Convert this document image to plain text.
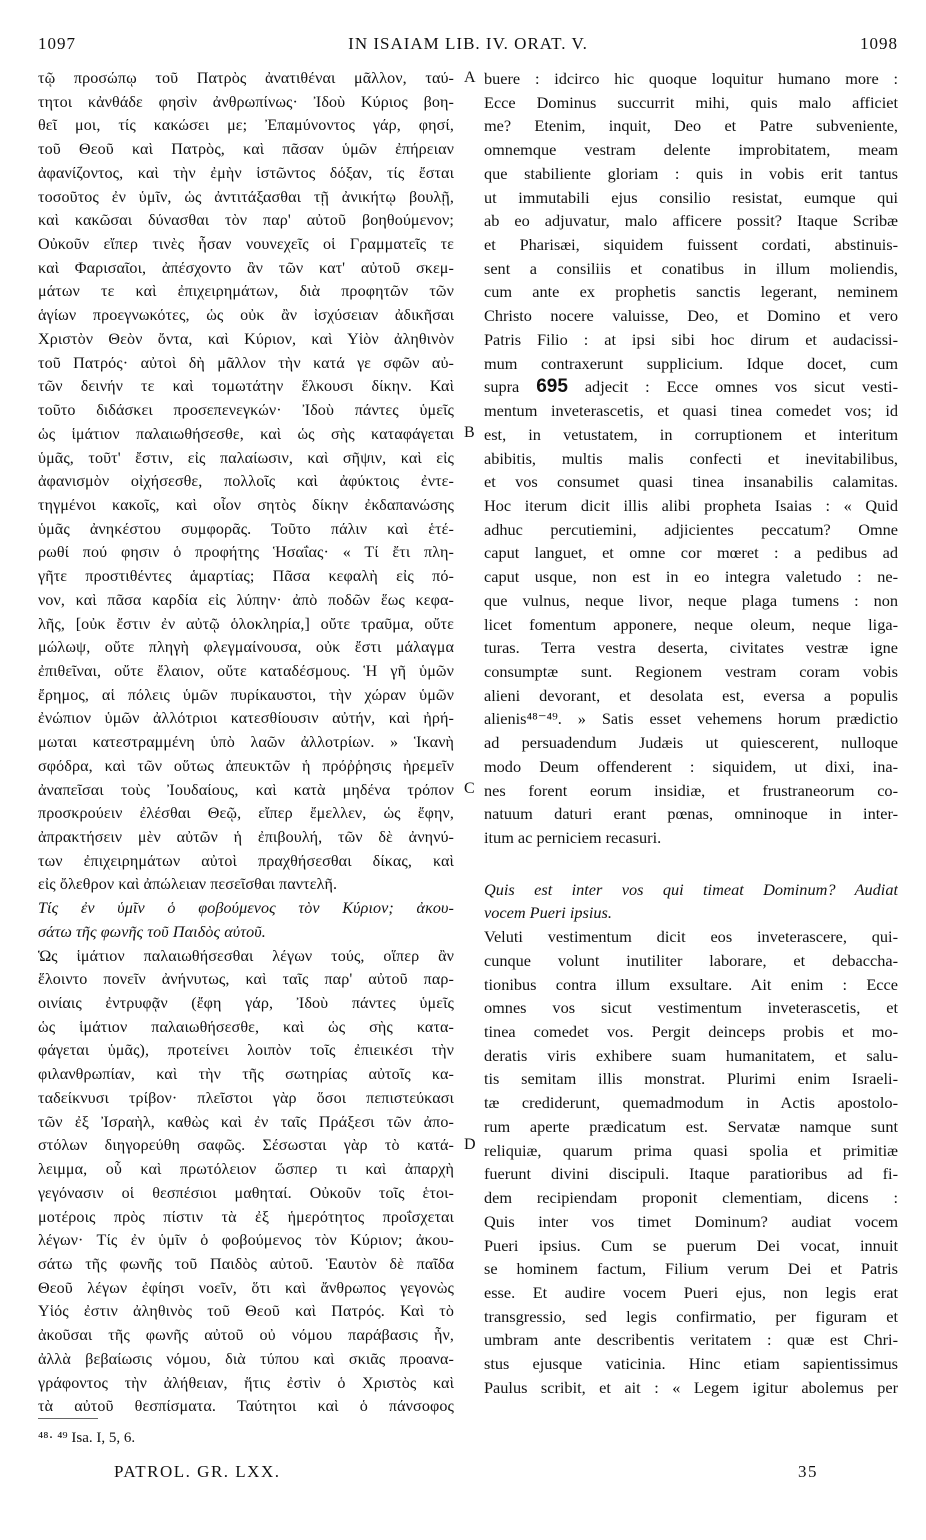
1097	IN ISAIAM LIB. IV. ORAT. V.	1098
τῷ προσώπῳ τοῦ Πατρὸς ἀνατιθέναι μᾶλλον, ταύ-
τητοι κἀνθάδε φησὶν ἀνθρωπίνως· Ἰδοὺ Κύριος βοη-
θεῖ μοι, τίς κακώσει με; Ἐπαμύνοντος γάρ, φησί,
τοῦ Θεοῦ καὶ Πατρὸς, καὶ πᾶσαν ὑμῶν ἐπήρειαν
ἀφανίζοντος, καὶ τὴν ἐμὴν ἱστῶντος δόξαν, τίς ἔσται
τοσοῦτος ἐν ὑμῖν, ὡς ἀντιτάξασθαι τῇ ἀνικήτῳ βουλῇ,
καὶ κακῶσαι δύνασθαι τὸν παρ' αὐτοῦ βοηθούμενον;
Οὐκοῦν εἴπερ τινὲς ἦσαν νουνεχεῖς οἱ Γραμματεῖς τε
καὶ Φαρισαῖοι, ἀπέσχοντο ἂν τῶν κατ' αὐτοῦ σκεμ-
μάτων τε καὶ ἐπιχειρημάτων, διὰ προφητῶν τῶν
ἁγίων προεγνωκότες, ὡς οὐκ ἂν ἰσχύσειαν ἀδικῆσαι
Χριστὸν Θεὸν ὄντα, καὶ Κύριον, καὶ Υἱὸν ἀληθινὸν
τοῦ Πατρός· αὐτοὶ δὴ μᾶλλον τὴν κατά γε σφῶν αὐ-
τῶν δεινήν τε καὶ τομωτάτην ἕλκουσι δίκην. Καὶ
τοῦτο διδάσκει προσεπενεγκών· Ἰδοὺ πάντες ὑμεῖς
ὡς ἱμάτιον παλαιωθήσεσθε, καὶ ὡς σὴς καταφάγεται
ὑμᾶς, τοῦτ' ἔστιν, εἰς παλαίωσιν, καὶ σῆψιν, καὶ εἰς
ἀφανισμὸν οἰχήσεσθε, πολλοῖς καὶ ἀφύκτοις ἐντε-
τηγμένοι κακοῖς, καὶ οἷον σητὸς δίκην ἐκδαπανώσης
ὑμᾶς ἀνηκέστου συμφορᾶς. Τοῦτο πάλιν καὶ ἑτέ-
ρωθί πού φησιν ὁ προφήτης Ἡσαΐας· « Τί ἔτι πλη-
γῆτε προστιθέντες ἁμαρτίας; Πᾶσα κεφαλὴ εἰς πό-
νον, καὶ πᾶσα καρδία εἰς λύπην· ἀπὸ ποδῶν ἕως κεφα-
λῆς, [οὐκ ἔστιν ἐν αὐτῷ ὁλοκληρία,] οὔτε τραῦμα, οὔτε
μώλωψ, οὔτε πληγὴ φλεγμαίνουσα, οὐκ ἔστι μάλαγμα
ἐπιθεῖναι, οὔτε ἔλαιον, οὔτε καταδέσμους. Ἡ γῆ ὑμῶν
ἔρημος, αἱ πόλεις ὑμῶν πυρίκαυστοι, τὴν χώραν ὑμῶν
ἐνώπιον ὑμῶν ἀλλότριοι κατεσθίουσιν αὐτήν, καὶ ἠρή-
μωται κατεστραμμένη ὑπὸ λαῶν ἀλλοτρίων. » Ἱκανὴ
σφόδρα, καὶ τῶν οὕτως ἀπευκτῶν ἡ πρόῤῥησις ἠρεμεῖν
ἀναπεῖσαι τοὺς Ἰουδαίους, καὶ κατὰ μηδένα τρόπον
προσκρούειν ἐλέσθαι Θεῷ, εἴπερ ἔμελλεν, ὡς ἔφην,
ἀπρακτήσειν μὲν αὐτῶν ἡ ἐπιβουλή, τῶν δὲ ἀνηνύ-
των ἐπιχειρημάτων αὐτοὶ πραχθήσεσθαι δίκας, καὶ
εἰς ὄλεθρον καὶ ἀπώλειαν πεσεῖσθαι παντελῆ.
Τίς ἐν ὑμῖν ὁ φοβούμενος τὸν Κύριον; ἀκου-
σάτω τῆς φωνῆς τοῦ Παιδὸς αὐτοῦ.
Ὡς ἱμάτιον παλαιωθήσεσθαι λέγων τούς, οἵπερ ἂν
ἕλοιντο πονεῖν ἀνήνυτως, καὶ ταῖς παρ' αὐτοῦ παρ-
οινίαις ἐντρυφᾷν (ἔφη γάρ, Ἰδοὺ πάντες ὑμεῖς
ὡς ἱμάτιον παλαιωθήσεσθε, καὶ ὡς σὴς κατα-
φάγεται ὑμᾶς), προτείνει λοιπὸν τοῖς ἐπιεικέσι τὴν
φιλανθρωπίαν, καὶ τὴν τῆς σωτηρίας αὐτοῖς κα-
ταδείκνυσι τρίβον· πλεῖστοι γὰρ ὅσοι πεπιστεύκασι
τῶν ἐξ Ἰσραὴλ, καθὼς καὶ ἐν ταῖς Πράξεσι τῶν ἀπο-
στόλων διηγορεύθη σαφῶς. Σέσωσται γὰρ τὸ κατά-
λειμμα, οὗ καὶ πρωτόλειον ὥσπερ τι καὶ ἀπαρχὴ
γεγόνασιν οἱ θεσπέσιοι μαθηταί. Οὐκοῦν τοῖς ἑτοι-
μοτέροις πρὸς πίστιν τὰ ἐξ ἡμερότητος προΐσχεται
λέγων· Τίς ἐν ὑμῖν ὁ φοβούμενος τὸν Κύριον; ἀκου-
σάτω τῆς φωνῆς τοῦ Παιδὸς αὐτοῦ. Ἑαυτὸν δὲ παῖδα
Θεοῦ λέγων ἐφίησι νοεῖν, ὅτι καὶ ἄνθρωπος γεγονὼς
Υἱός ἐστιν ἀληθινὸς τοῦ Θεοῦ καὶ Πατρός. Καὶ τὸ
ἀκοῦσαι τῆς φωνῆς αὐτοῦ οὐ νόμου παράβασις ἦν,
ἀλλὰ βεβαίωσις νόμου, διὰ τύπου καὶ σκιᾶς προανα-
γράφοντος τὴν ἀλήθειαν, ἥτις ἐστὶν ὁ Χριστὸς καὶ
τὰ αὐτοῦ θεσπίσματα. Ταύτητοι καὶ ὁ πάνσοφος
buere : idcirco hic quoque loquitur humano more :
Ecce Dominus succurrit mihi, quis malo afficiet
me? Etenim, inquit, Deo et Patre subveniente,
omnemque vestram delente improbitatem, meam
que stabiliente gloriam : quis in vobis erit tantus
ut immutabili ejus consilio resistat, eumque qui
ab eo adjuvatur, malo afficere possit? Itaque Scribæ
et Pharisæi, siquidem fuissent cordati, abstinuis-
sent a consiliis et conatibus in illum moliendis,
cum ante ex prophetis sanctis legerant, neminem
Christo nocere valuisse, Deo, et Domino et vero
Patris Filio : at ipsi sibi hoc dirum et audacissi-
mum contraxerunt supplicium. Idque docet, cum
supra 695 adjecit : Ecce omnes vos sicut vesti-
mentum inveterascetis, et quasi tinea comedet vos; id
est, in vetustatem, in corruptionem et interitum
abibitis, multis malis confecti et inevitabilibus,
et vos consumet quasi tinea insanabilis calamitas.
Hoc iterum dicit illis alibi propheta Isaias : « Quid
adhuc percutiemini, adjicientes peccatum? Omne
caput languet, et omne cor mœret : a pedibus ad
caput usque, non est in eo integra valetudo : ne-
que vulnus, neque livor, neque plaga tumens : non
licet fomentum apponere, neque oleum, neque liga-
turas. Terra vestra deserta, civitates vestræ igne
consumptæ sunt. Regionem vestram coram vobis
alieni devorant, et desolata est, eversa a populis
alienis⁴⁸⁻⁴⁹. » Satis esset vehemens horum prædictio
ad persuadendum Judæis ut quiescerent, nulloque
modo Deum offenderent : siquidem, ut dixi, ina-
nes forent eorum insidiæ, et frustraneorum co-
natuum daturi erant pœnas, omninoque in inter-
itum ac perniciem recasuri.
Quis est inter vos qui timeat Dominum? Audiat
vocem Pueri ipsius.
Veluti vestimentum dicit eos inveterascere, qui-
cunque volunt inutiliter laborare, et debaccha-
tionibus contra illum exsultare. Ait enim : Ecce
omnes vos sicut vestimentum inveterascetis, et
tinea comedet vos. Pergit deinceps probis et mo-
deratis viris exhibere suam humanitatem, et salu-
tis semitam illis monstrat. Plurimi enim Israeli-
tæ crediderunt, quemadmodum in Actis apostolo-
rum aperte prædicatum est. Servatæ namque sunt
reliquiæ, quarum prima quasi spolia et primitiæ
fuerunt divini discipuli. Itaque paratioribus ad fi-
dem recipiendam proponit clementiam, dicens :
Quis inter vos timet Dominum? audiat vocem
Pueri ipsius. Cum se puerum Dei vocat, innuit
se hominem factum, Filium verum Dei et Patris
esse. Et audire vocem Pueri ejus, non legis erat
transgressio, sed legis confirmatio, per figuram et
umbram ante describentis veritatem : quæ est Chri-
stus ejusque vaticinia. Hinc etiam sapientissimus
Paulus scribit, et ait : « Legem igitur abolemus per
A
B
C
D
⁴⁸· ⁴⁹ Isa. I, 5, 6.
PATROL. GR. LXX.	35
